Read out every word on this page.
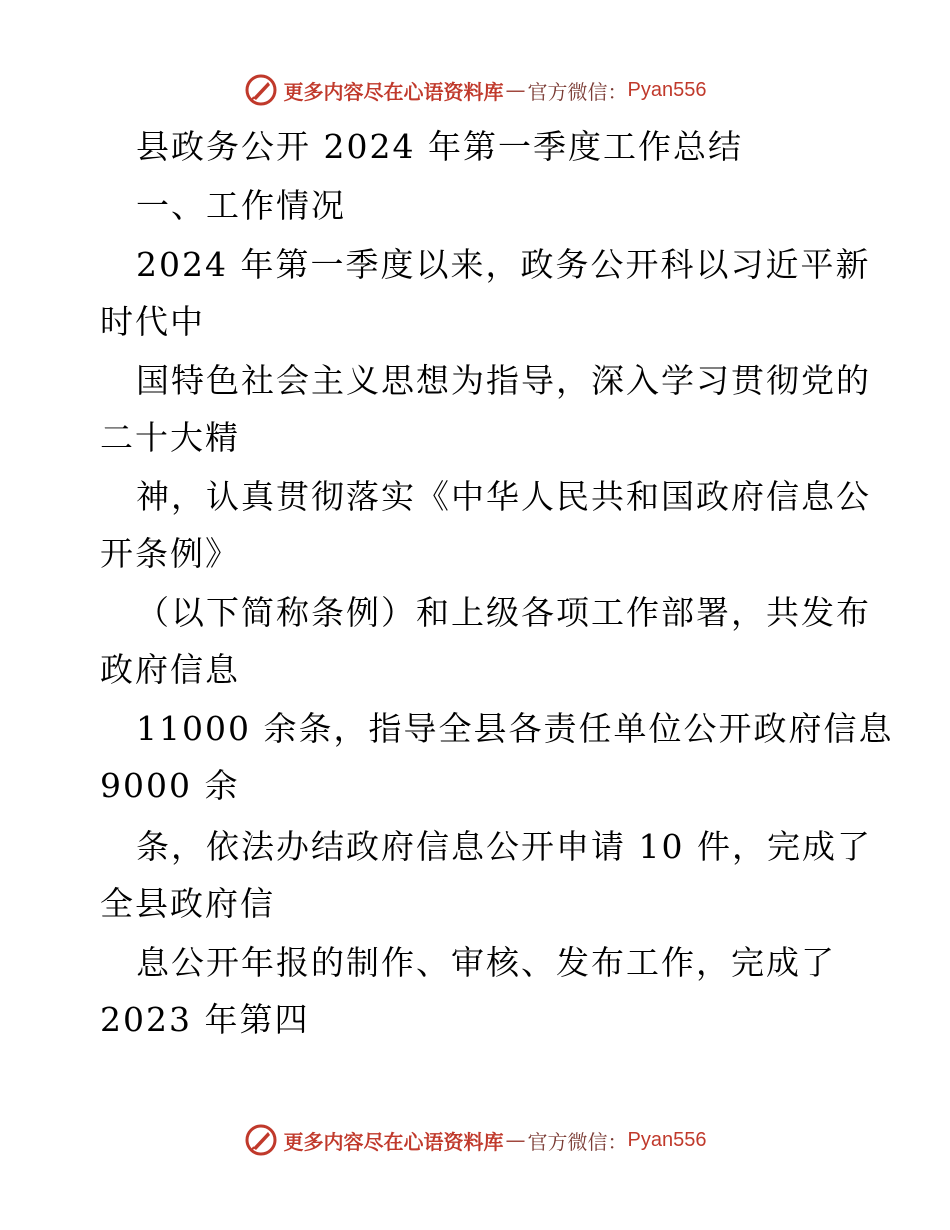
更多内容尽在心语资料库 — 官方微信： Pyan556
县政务公开 2024 年第一季度工作总结
一、工作情况
2024 年第一季度以来，政务公开科以习近平新
时代中
国特色社会主义思想为指导，深入学习贯彻党的
二十大精
神，认真贯彻落实《中华人民共和国政府信息公
开条例》
（以下简称条例）和上级各项工作部署，共发布
政府信息
11000 余条，指导全县各责任单位公开政府信息
9000 余
条，依法办结政府信息公开申请 10 件，完成了
全县政府信
息公开年报的制作、审核、发布工作，完成了
2023 年第四
更多内容尽在心语资料库 — 官方微信： Pyan556
